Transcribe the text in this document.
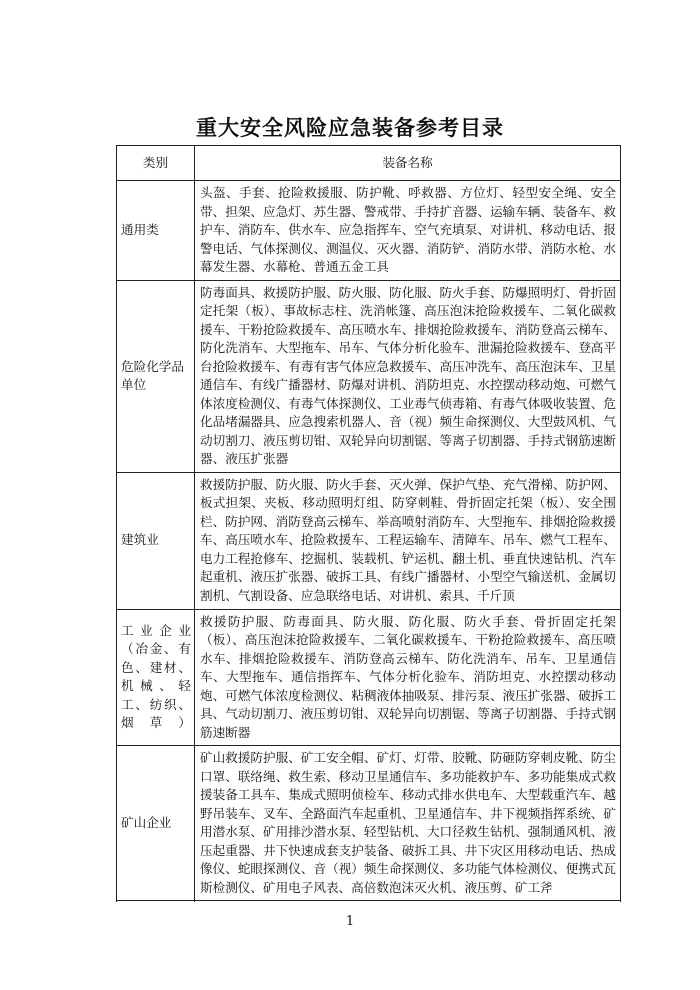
重大安全风险应急装备参考目录
类别	装备名称
通用类	头盔、手套、抢险救援服、防护靴、呼救器、方位灯、轻型安全绳、安全带、担架、应急灯、苏生器、警戒带、手持扩音器、运输车辆、装备车、救护车、消防车、供水车、应急指挥车、空气充填泵、对讲机、移动电话、报警电话、气体探测仪、测温仪、灭火器、消防铲、消防水带、消防水枪、水幕发生器、水幕枪、普通五金工具
危险化学品单位	防毒面具、救援防护服、防火服、防化服、防火手套、防爆照明灯、骨折固定托架（板）、事故标志柱、洗消帐篷、高压泡沫抢险救援车、二氧化碳救援车、干粉抢险救援车、高压喷水车、排烟抢险救援车、消防登高云梯车、防化洗消车、大型拖车、吊车、气体分析化验车、泄漏抢险救援车、登高平台抢险救援车、有毒有害气体应急救援车、高压冲洗车、高压泡沫车、卫星通信车、有线广播器材、防爆对讲机、消防坦克、水控摆动移动炮、可燃气体浓度检测仪、有毒气体探测仪、工业毒气侦毒箱、有毒气体吸收装置、危化品堵漏器具、应急搜索机器人、音（视）频生命探测仪、大型鼓风机、气动切割刀、液压剪切钳、双轮异向切割锯、等离子切割器、手持式钢筋速断器、液压扩张器
建筑业	救援防护服、防火服、防火手套、灭火弹、保护气垫、充气滑梯、防护网、板式担架、夹板、移动照明灯组、防穿刺鞋、骨折固定托架（板）、安全围栏、防护网、消防登高云梯车、举高喷射消防车、大型拖车、排烟抢险救援车、高压喷水车、抢险救援车、工程运输车、清障车、吊车、燃气工程车、电力工程抢修车、挖掘机、装载机、铲运机、翻土机、垂直快速钻机、汽车起重机、液压扩张器、破拆工具、有线广播器材、小型空气输送机、金属切割机、气割设备、应急联络电话、对讲机、索具、千斤顶
工业企业（冶金、有色、建材、机械、轻工、纺织、烟草）	救援防护服、防毒面具、防火服、防化服、防火手套、骨折固定托架（板）、高压泡沫抢险救援车、二氧化碳救援车、干粉抢险救援车、高压喷水车、排烟抢险救援车、消防登高云梯车、防化洗消车、吊车、卫星通信车、大型拖车、通信指挥车、气体分析化验车、消防坦克、水控摆动移动炮、可燃气体浓度检测仪、粘稠液体抽吸泵、排污泵、液压扩张器、破拆工具、气动切割刀、液压剪切钳、双轮异向切割锯、等离子切割器、手持式钢筋速断器
矿山企业	矿山救援防护服、矿工安全帽、矿灯、灯带、胶靴、防砸防穿刺皮靴、防尘口罩、联络绳、救生索、移动卫星通信车、多功能救护车、多功能集成式救援装备工具车、集成式照明侦检车、移动式排水供电车、大型载重汽车、越野吊装车、叉车、全路面汽车起重机、卫星通信车、井下视频指挥系统、矿用潜水泵、矿用排沙潜水泵、轻型钻机、大口径救生钻机、强制通风机、液压起重器、井下快速成套支护装备、破拆工具、井下灾区用移动电话、热成像仪、蛇眼探测仪、音（视）频生命探测仪、多功能气体检测仪、便携式瓦斯检测仪、矿用电子风表、高倍数泡沫灭火机、液压剪、矿工斧

1
